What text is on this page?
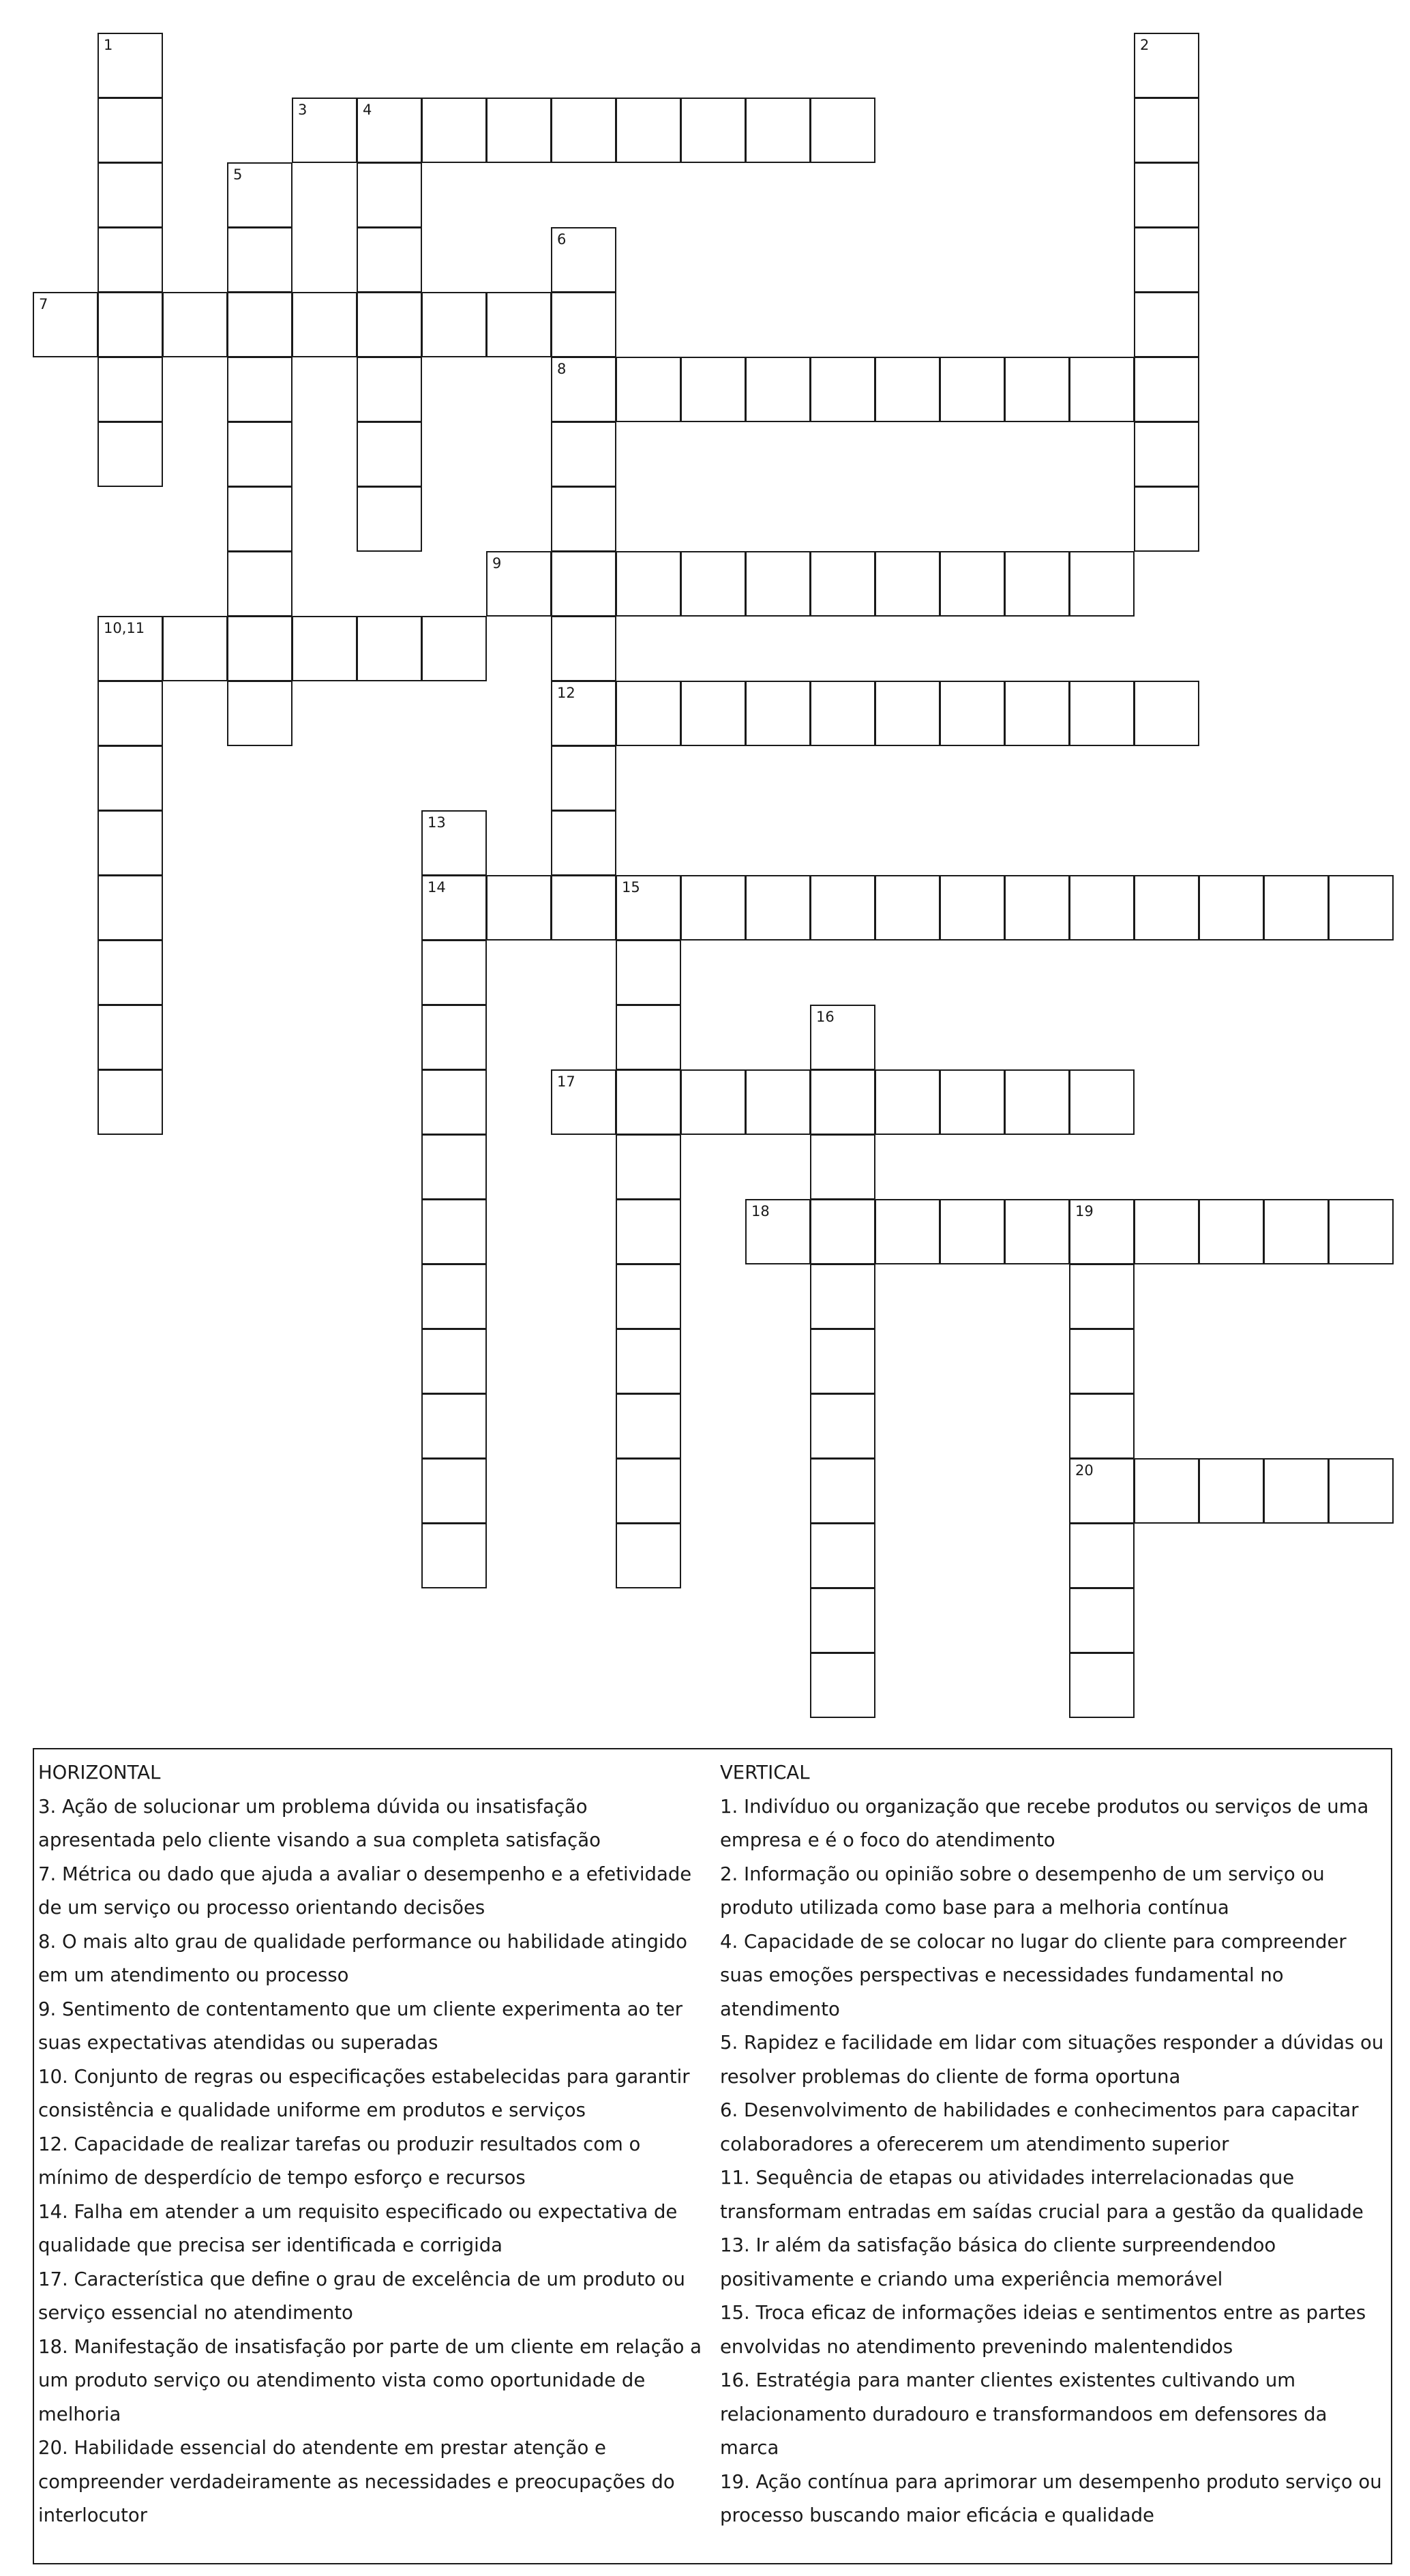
3	4
7
8
9
10,11
12
14	15
17
18	19
20
1	2
5
6
13
16
HORIZONTAL
3. Ação de solucionar um problema dúvida ou insatisfação apresentada pelo cliente visando a sua completa satisfação
7. Métrica ou dado que ajuda a avaliar o desempenho e a efetividade de um serviço ou processo orientando decisões
8. O mais alto grau de qualidade performance ou habilidade atingido em um atendimento ou processo
9. Sentimento de contentamento que um cliente experimenta ao ter suas expectativas atendidas ou superadas
10. Conjunto de regras ou especificações estabelecidas para garantir consistência e qualidade uniforme em produtos e serviços
12. Capacidade de realizar tarefas ou produzir resultados com o mínimo de desperdício de tempo esforço e recursos
14. Falha em atender a um requisito especificado ou expectativa de qualidade que precisa ser identificada e corrigida
17. Característica que define o grau de excelência de um produto ou serviço essencial no atendimento
18. Manifestação de insatisfação por parte de um cliente em relação a um produto serviço ou atendimento vista como oportunidade de melhoria
20. Habilidade essencial do atendente em prestar atenção e compreender verdadeiramente as necessidades e preocupações do interlocutor
VERTICAL
1. Indivíduo ou organização que recebe produtos ou serviços de uma empresa e é o foco do atendimento
2. Informação ou opinião sobre o desempenho de um serviço ou produto utilizada como base para a melhoria contínua
4. Capacidade de se colocar no lugar do cliente para compreender suas emoções perspectivas e necessidades fundamental no atendimento
5. Rapidez e facilidade em lidar com situações responder a dúvidas ou resolver problemas do cliente de forma oportuna
6. Desenvolvimento de habilidades e conhecimentos para capacitar colaboradores a oferecerem um atendimento superior
11. Sequência de etapas ou atividades interrelacionadas que transformam entradas em saídas crucial para a gestão da qualidade
13. Ir além da satisfação básica do cliente surpreendendoo positivamente e criando uma experiência memorável
15. Troca eficaz de informações ideias e sentimentos entre as partes envolvidas no atendimento prevenindo malentendidos
16. Estratégia para manter clientes existentes cultivando um relacionamento duradouro e transformandoos em defensores da marca
19. Ação contínua para aprimorar um desempenho produto serviço ou processo buscando maior eficácia e qualidade
